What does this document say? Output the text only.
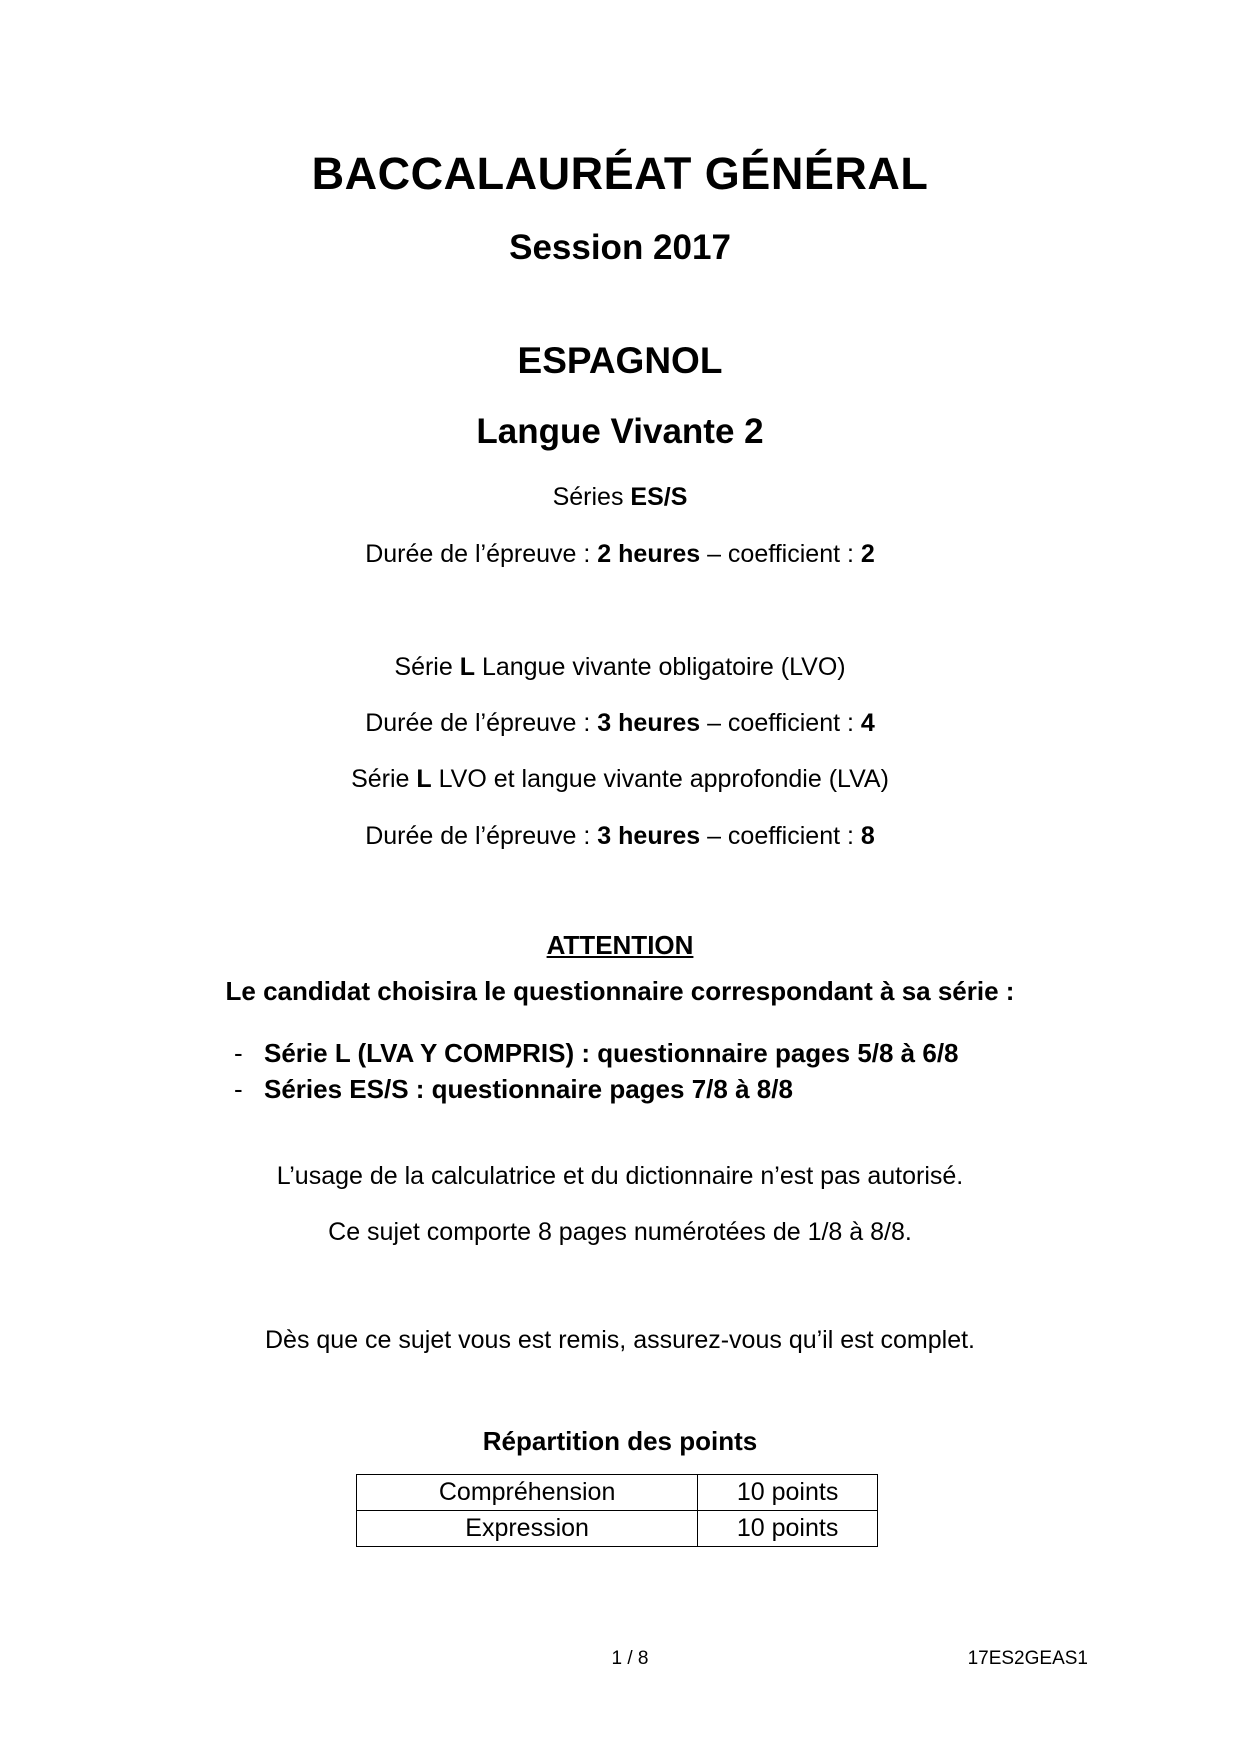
BACCALAURÉAT GÉNÉRAL
Session 2017
ESPAGNOL
Langue Vivante 2
Séries ES/S
Durée de l’épreuve : 2 heures – coefficient : 2
Série L Langue vivante obligatoire (LVO)
Durée de l’épreuve : 3 heures – coefficient : 4
Série L LVO et langue vivante approfondie (LVA)
Durée de l’épreuve : 3 heures – coefficient : 8
ATTENTION
Le candidat choisira le questionnaire correspondant à sa série :
- Série L (LVA Y COMPRIS) : questionnaire pages 5/8 à 6/8
- Séries ES/S : questionnaire pages 7/8 à 8/8
L’usage de la calculatrice et du dictionnaire n’est pas autorisé.
Ce sujet comporte 8 pages numérotées de 1/8 à 8/8.
Dès que ce sujet vous est remis, assurez-vous qu’il est complet.
Répartition des points
Compréhension	10 points
Expression	10 points
1 / 8	17ES2GEAS1
